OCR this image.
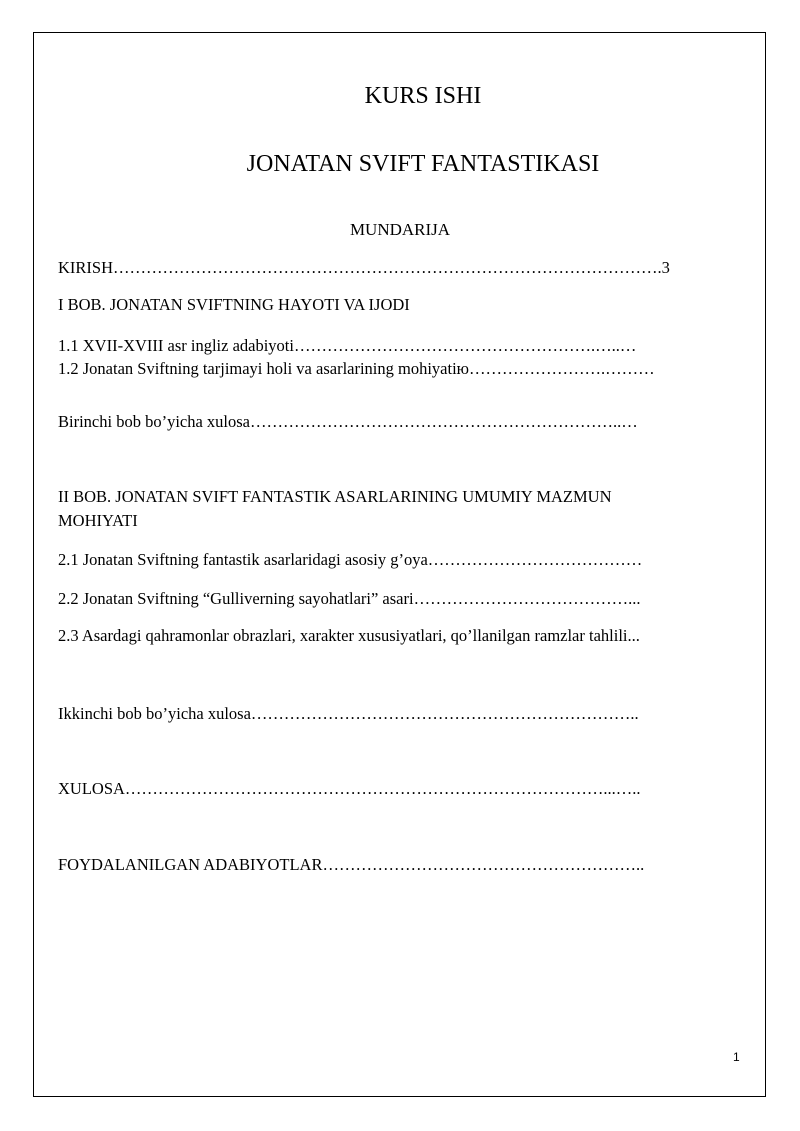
KURS ISHI
JONATAN SVIFT FANTASTIKASI
MUNDARIJA
KIRISH……………………………………………………………………………………….3
I BOB. JONATAN SVIFTNING HAYOTI VA IJODI
1.1 XVII-XVIII asr ingliz adabiyoti……………………………………………….…..…
1.2 Jonatan Sviftning tarjimayi holi va asarlarining mohiyatiю…………………….………
Birinchi bob bo’yicha xulosa…………………………………………………………..…
II BOB. JONATAN SVIFT FANTASTIK ASARLARINING UMUMIY MAZMUN
MOHIYATI
2.1 Jonatan Sviftning fantastik asarlaridagi asosiy g’oya…………………………………
2.2 Jonatan Sviftning “Gulliverning sayohatlari” asari…………………………………...
2.3 Asardagi qahramonlar obrazlari, xarakter xususiyatlari, qo’llanilgan ramzlar tahlili...
Ikkinchi bob bo’yicha xulosa……………………………………………………………..
XULOSA……………………………………………………………………………...…..
FOYDALANILGAN ADABIYOTLAR…………………………………………………..
1
